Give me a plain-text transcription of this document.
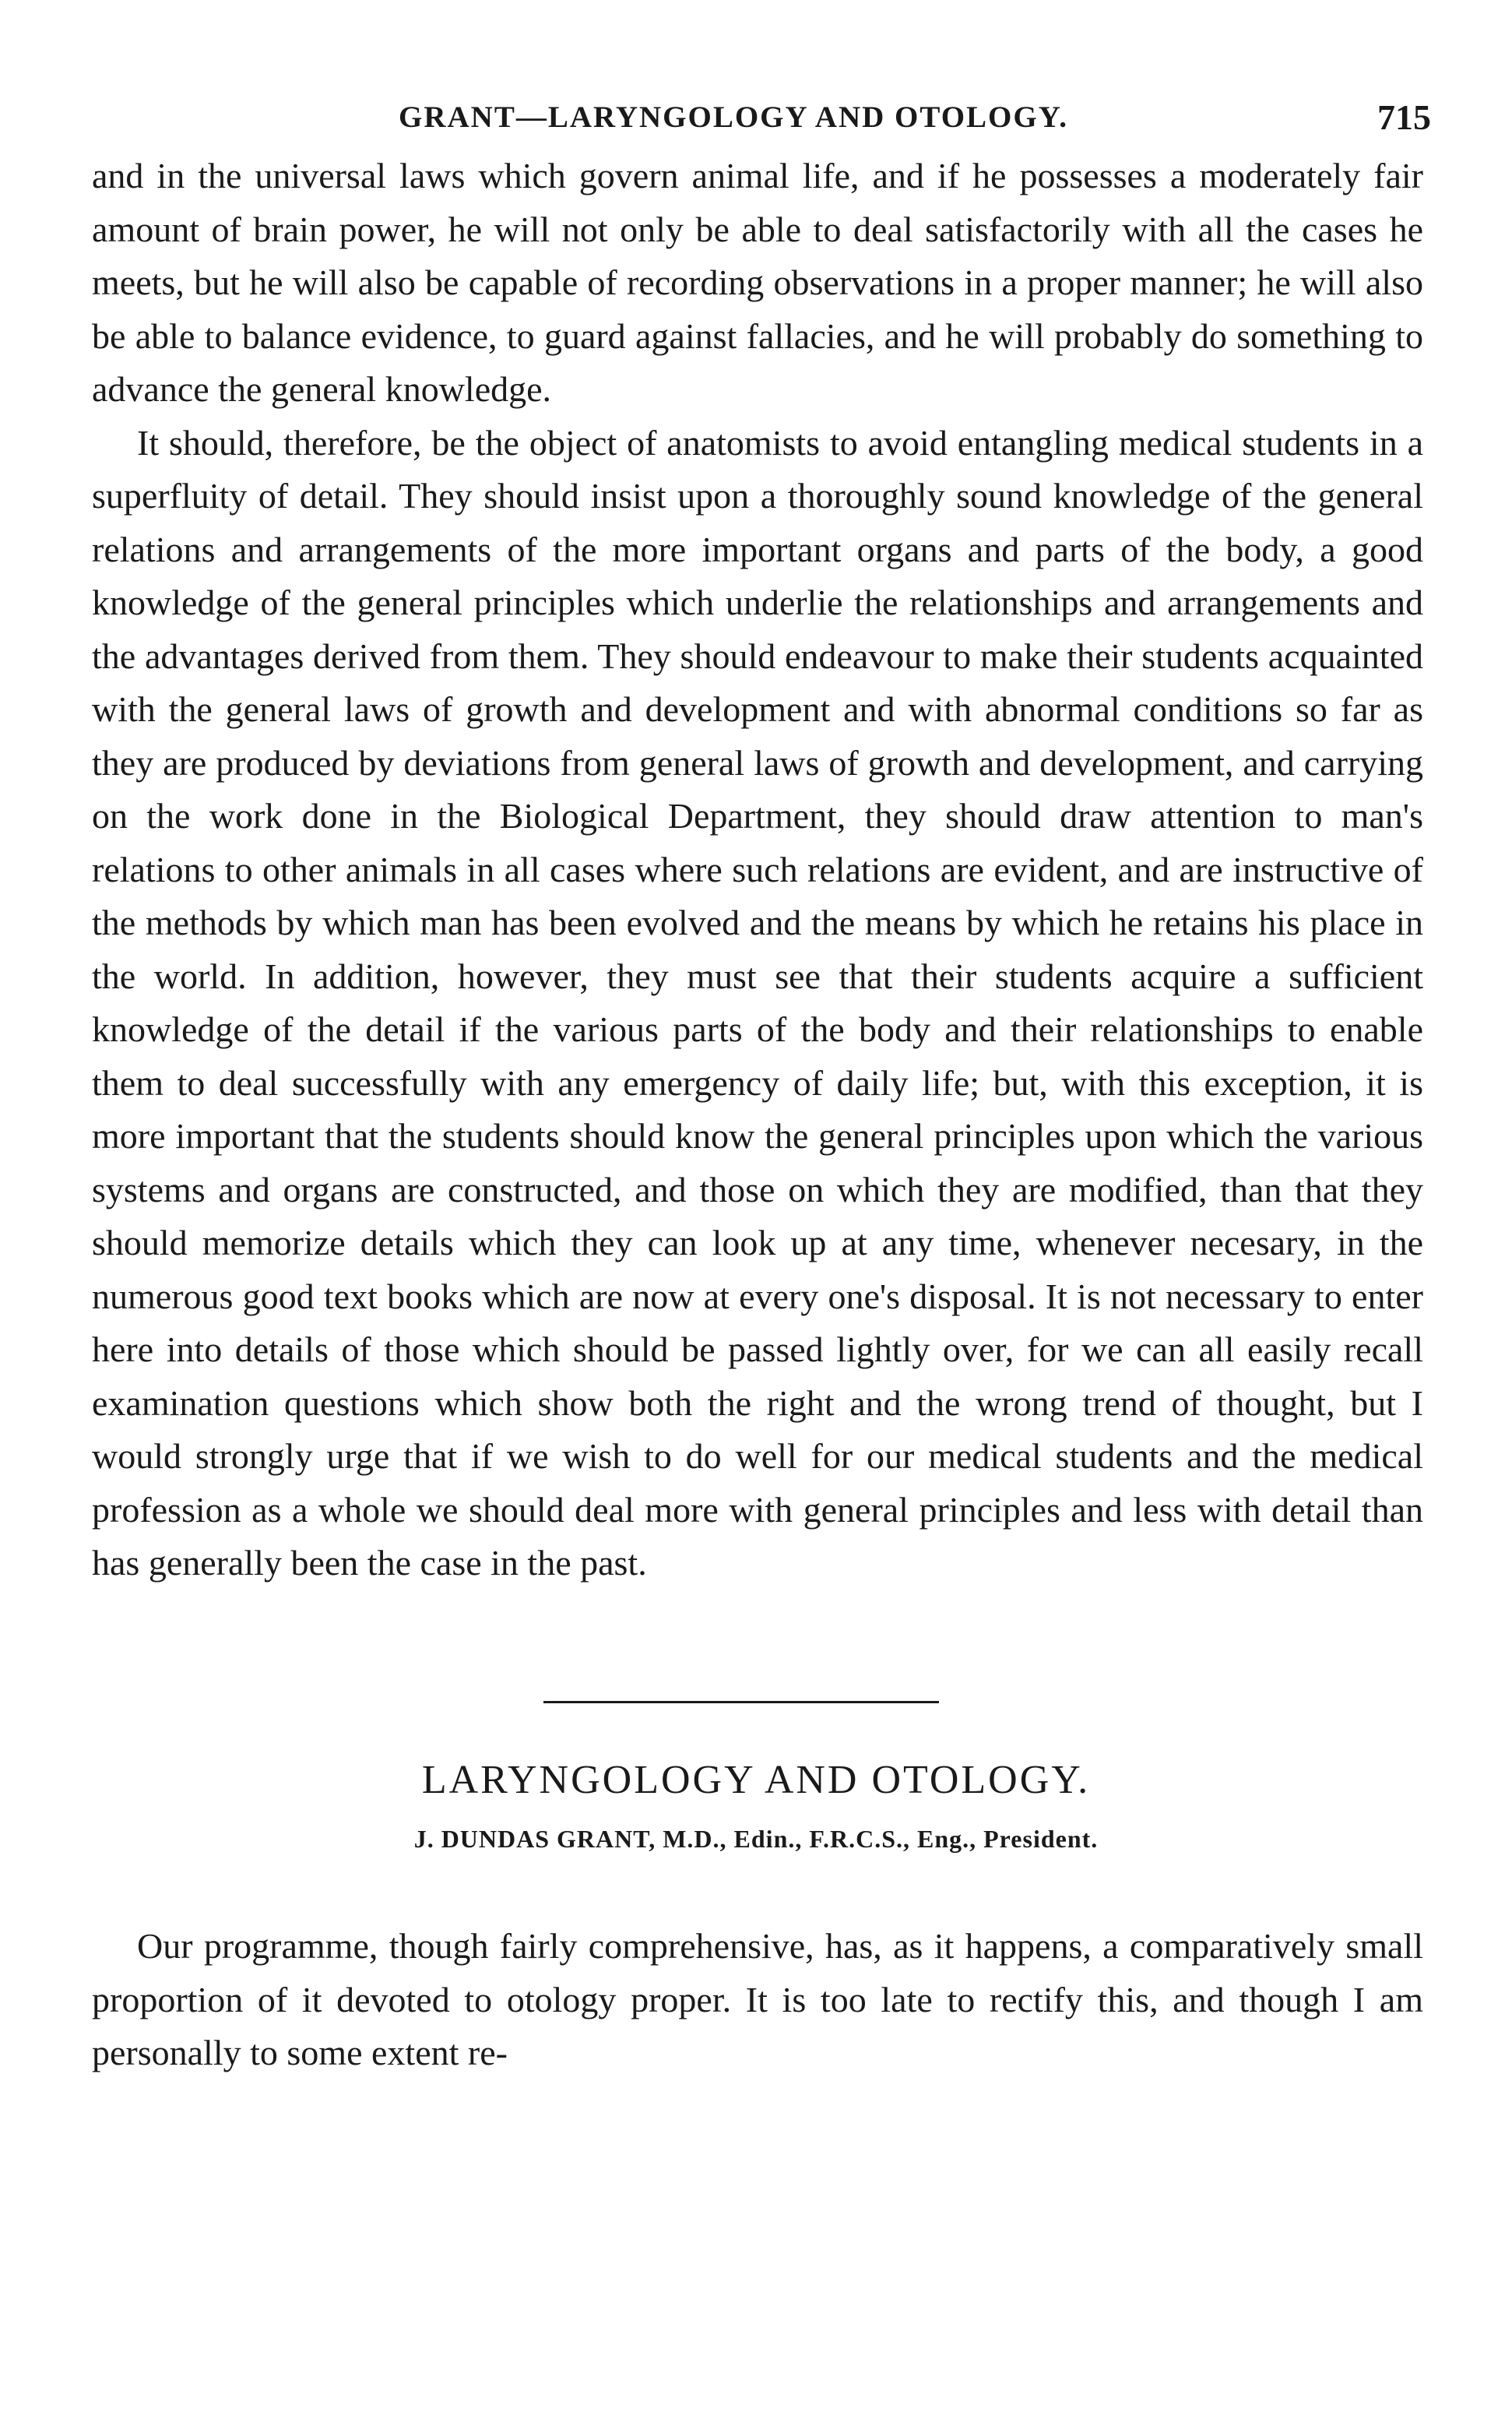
GRANT—LARYNGOLOGY AND OTOLOGY.	715

and in the universal laws which govern animal life, and if he possesses a moderately fair amount of brain power, he will not only be able to deal satisfactorily with all the cases he meets, but he will also be capable of recording observations in a proper manner; he will also be able to balance evidence, to guard against fallacies, and he will probably do something to advance the general knowledge.

It should, therefore, be the object of anatomists to avoid entangling medical students in a superfluity of detail. They should insist upon a thoroughly sound knowledge of the general relations and arrangements of the more important organs and parts of the body, a good knowledge of the general principles which underlie the relationships and arrangements and the advantages derived from them. They should endeavour to make their students acquainted with the general laws of growth and development and with abnormal conditions so far as they are produced by deviations from general laws of growth and development, and carrying on the work done in the Biological Department, they should draw attention to man's relations to other animals in all cases where such relations are evident, and are instructive of the methods by which man has been evolved and the means by which he retains his place in the world. In addition, however, they must see that their students acquire a sufficient knowledge of the detail if the various parts of the body and their relationships to enable them to deal successfully with any emergency of daily life; but, with this exception, it is more important that the students should know the general principles upon which the various systems and organs are constructed, and those on which they are modified, than that they should memorize details which they can look up at any time, whenever necesary, in the numerous good text books which are now at every one's disposal. It is not necessary to enter here into details of those which should be passed lightly over, for we can all easily recall examination questions which show both the right and the wrong trend of thought, but I would strongly urge that if we wish to do well for our medical students and the medical profession as a whole we should deal more with general principles and less with detail than has generally been the case in the past.

LARYNGOLOGY AND OTOLOGY.
J. DUNDAS GRANT, M.D., Edin., F.R.C.S., Eng., President.

Our programme, though fairly comprehensive, has, as it happens, a comparatively small proportion of it devoted to otology proper. It is too late to rectify this, and though I am personally to some extent re-
